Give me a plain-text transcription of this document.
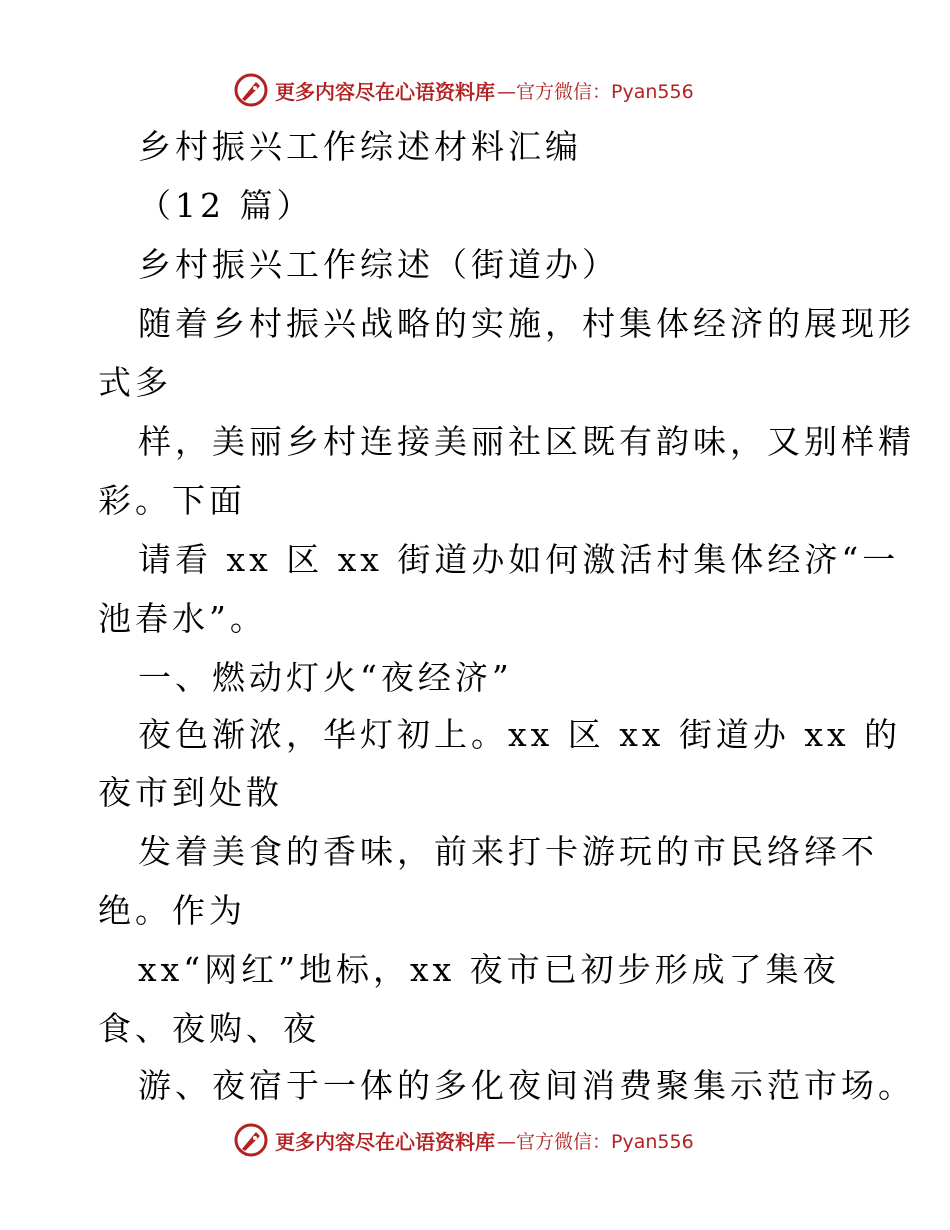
更多内容尽在心语资料库 —官方微信：Pyan556
乡村振兴工作综述材料汇编
（12 篇）
乡村振兴工作综述（街道办）
随着乡村振兴战略的实施，村集体经济的展现形
式多
样，美丽乡村连接美丽社区既有韵味，又别样精
彩。下面
请看 xx 区 xx 街道办如何激活村集体经济“一
池春水”。
一、燃动灯火“夜经济”
夜色渐浓，华灯初上。xx 区 xx 街道办 xx 的
夜市到处散
发着美食的香味，前来打卡游玩的市民络绎不
绝。作为
xx“网红”地标，xx 夜市已初步形成了集夜
食、夜购、夜
游、夜宿于一体的多化夜间消费聚集示范市场。
更多内容尽在心语资料库 —官方微信：Pyan556
